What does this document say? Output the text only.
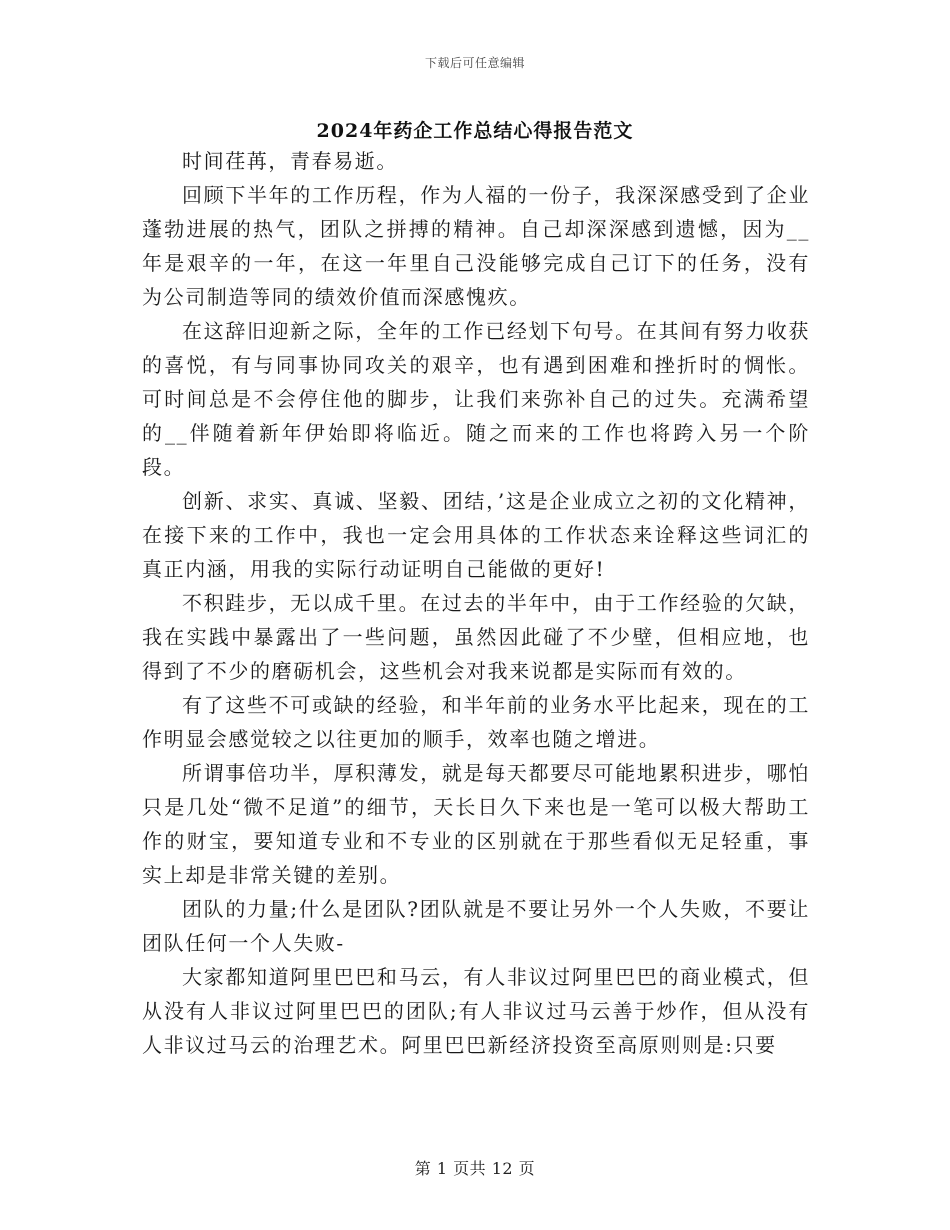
下载后可任意编辑
2024年药企工作总结心得报告范文

时间荏苒，青春易逝。

回顾下半年的工作历程，作为人福的一份子，我深深感受到了企业蓬勃进展的热气，团队之拼搏的精神。自己却深深感到遗憾，因为__年是艰辛的一年，在这一年里自己没能够完成自己订下的任务，没有为公司制造等同的绩效价值而深感愧疚。

在这辞旧迎新之际，全年的工作已经划下句号。在其间有努力收获的喜悦，有与同事协同攻关的艰辛，也有遇到困难和挫折时的惆怅。可时间总是不会停住他的脚步，让我们来弥补自己的过失。充满希望的__伴随着新年伊始即将临近。随之而来的工作也将跨入另一个阶段。

创新、求实、真诚、坚毅、团结，’这是企业成立之初的文化精神，在接下来的工作中，我也一定会用具体的工作状态来诠释这些词汇的真正内涵，用我的实际行动证明自己能做的更好!

不积跬步，无以成千里。在过去的半年中，由于工作经验的欠缺，我在实践中暴露出了一些问题，虽然因此碰了不少壁，但相应地，也得到了不少的磨砺机会，这些机会对我来说都是实际而有效的。

有了这些不可或缺的经验，和半年前的业务水平比起来，现在的工作明显会感觉较之以往更加的顺手，效率也随之增进。

所谓事倍功半，厚积薄发，就是每天都要尽可能地累积进步，哪怕只是几处“微不足道”的细节，天长日久下来也是一笔可以极大帮助工作的财宝，要知道专业和不专业的区别就在于那些看似无足轻重，事实上却是非常关键的差别。

团队的力量;什么是团队?团队就是不要让另外一个人失败，不要让团队任何一个人失败-

大家都知道阿里巴巴和马云，有人非议过阿里巴巴的商业模式，但从没有人非议过阿里巴巴的团队;有人非议过马云善于炒作，但从没有人非议过马云的治理艺术。阿里巴巴新经济投资至高原则则是:只要

第 1 页共 12 页
